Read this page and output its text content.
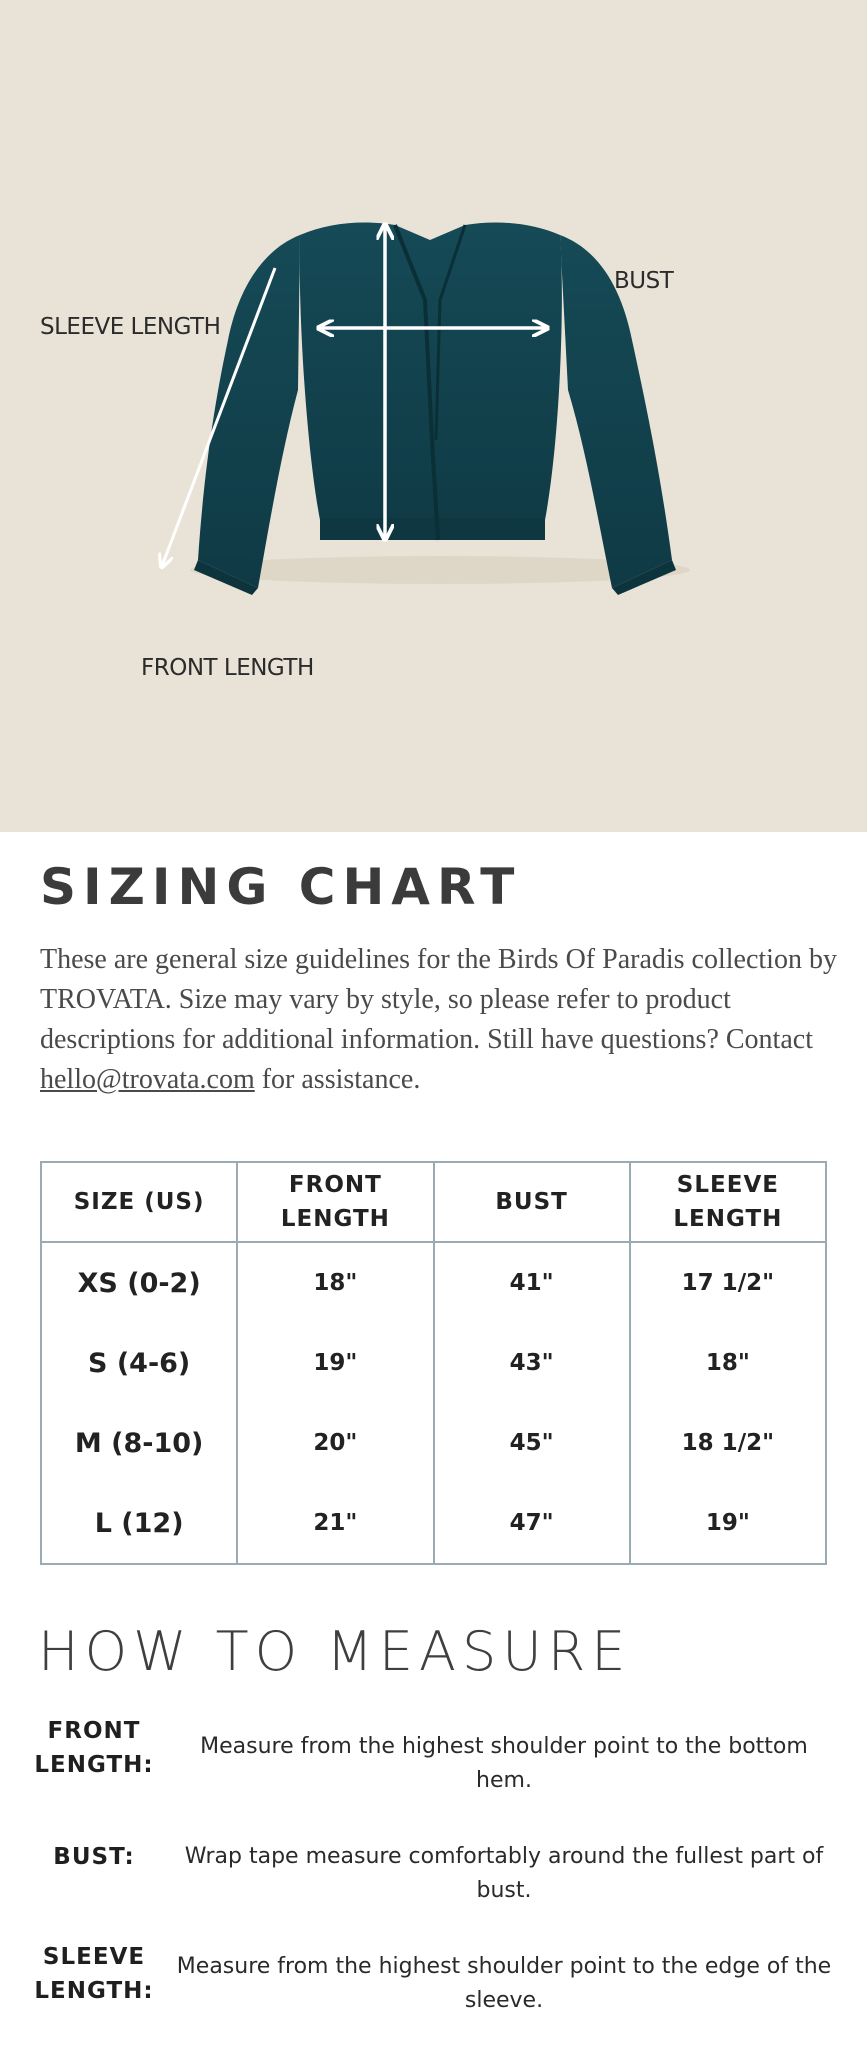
SLEEVE LENGTH
BUST
FRONT LENGTH
SIZING CHART

These are general size guidelines for the Birds Of Paradis collection by TROVATA. Size may vary by style, so please refer to product descriptions for additional information. Still have questions? Contact hello@trovata.com for assistance.

SIZE (US)	FRONT LENGTH	BUST	SLEEVE LENGTH
XS (0-2)	18"	41"	17 1/2"
S (4-6)	19"	43"	18"
M (8-10)	20"	45"	18 1/2"
L (12)	21"	47"	19"
HOW TO MEASURE
FRONT LENGTH:
Measure from the highest shoulder point to the bottom hem.
BUST:	Wrap tape measure comfortably around the fullest part of bust.
SLEEVE LENGTH:
Measure from the highest shoulder point to the edge of the sleeve.
